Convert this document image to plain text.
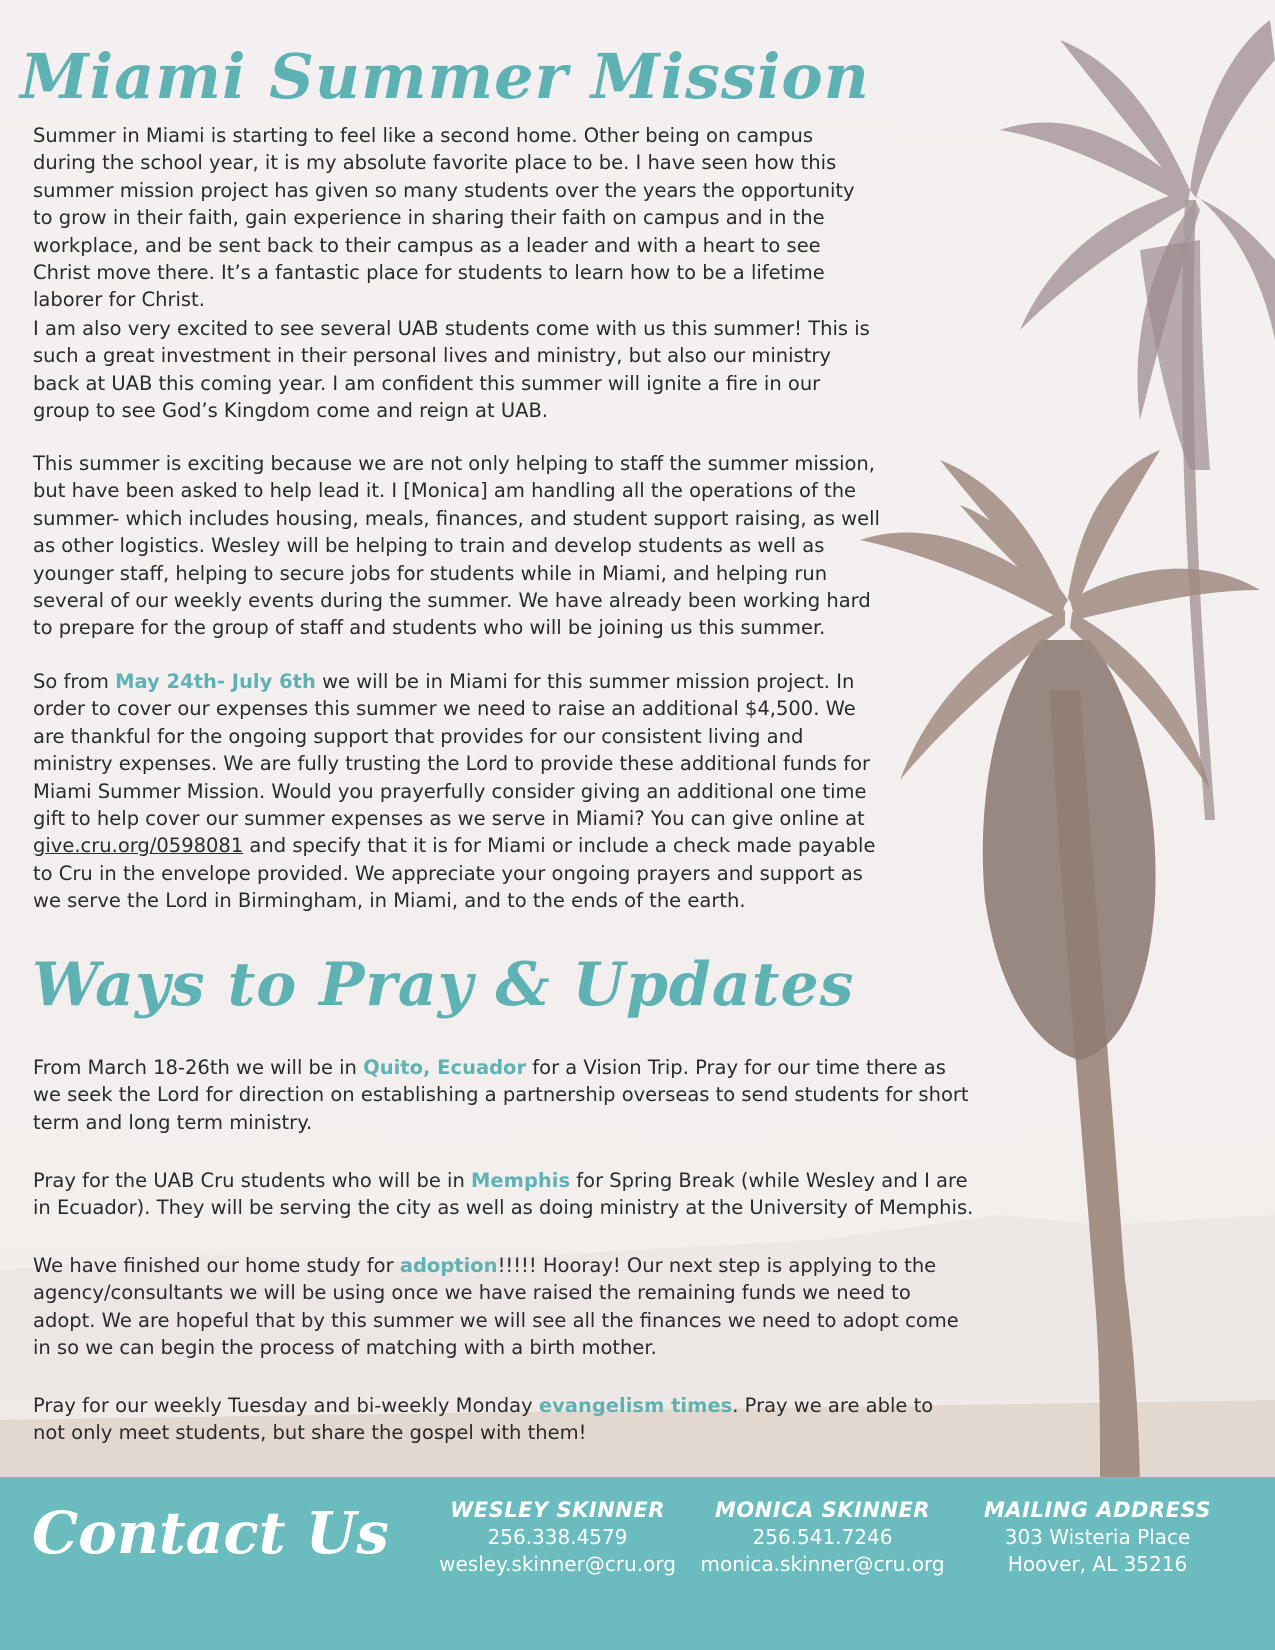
Miami Summer Mission

Summer in Miami is starting to feel like a second home. Other being on campus during the school year, it is my absolute favorite place to be. I have seen how this summer mission project has given so many students over the years the opportunity to grow in their faith, gain experience in sharing their faith on campus and in the workplace, and be sent back to their campus as a leader and with a heart to see Christ move there. It’s a fantastic place for students to learn how to be a lifetime laborer for Christ.

I am also very excited to see several UAB students come with us this summer! This is such a great investment in their personal lives and ministry, but also our ministry back at UAB this coming year. I am confident this summer will ignite a fire in our group to see God’s Kingdom come and reign at UAB.

This summer is exciting because we are not only helping to staff the summer mission, but have been asked to help lead it. I [Monica] am handling all the operations of the summer- which includes housing, meals, finances, and student support raising, as well as other logistics. Wesley will be helping to train and develop students as well as younger staff, helping to secure jobs for students while in Miami, and helping run several of our weekly events during the summer. We have already been working hard to prepare for the group of staff and students who will be joining us this summer.

So from May 24th- July 6th we will be in Miami for this summer mission project. In order to cover our expenses this summer we need to raise an additional $4,500. We are thankful for the ongoing support that provides for our consistent living and ministry expenses. We are fully trusting the Lord to provide these additional funds for Miami Summer Mission. Would you prayerfully consider giving an additional one time gift to help cover our summer expenses as we serve in Miami? You can give online at give.cru.org/0598081 and specify that it is for Miami or include a check made payable to Cru in the envelope provided. We appreciate your ongoing prayers and support as we serve the Lord in Birmingham, in Miami, and to the ends of the earth.

Ways to Pray & Updates

From March 18-26th we will be in Quito, Ecuador for a Vision Trip. Pray for our time there as we seek the Lord for direction on establishing a partnership overseas to send students for short term and long term ministry.

Pray for the UAB Cru students who will be in Memphis for Spring Break (while Wesley and I are in Ecuador). They will be serving the city as well as doing ministry at the University of Memphis.

We have finished our home study for adoption!!!!! Hooray! Our next step is applying to the agency/consultants we will be using once we have raised the remaining funds we need to adopt. We are hopeful that by this summer we will see all the finances we need to adopt come in so we can begin the process of matching with a birth mother.

Pray for our weekly Tuesday and bi-weekly Monday evangelism times. Pray we are able to not only meet students, but share the gospel with them!

Contact Us	WESLEY SKINNER
256.338.4579
wesley.skinner@cru.org
MONICA SKINNER
256.541.7246
monica.skinner@cru.org
MAILING ADDRESS
303 Wisteria Place
Hoover, AL 35216
